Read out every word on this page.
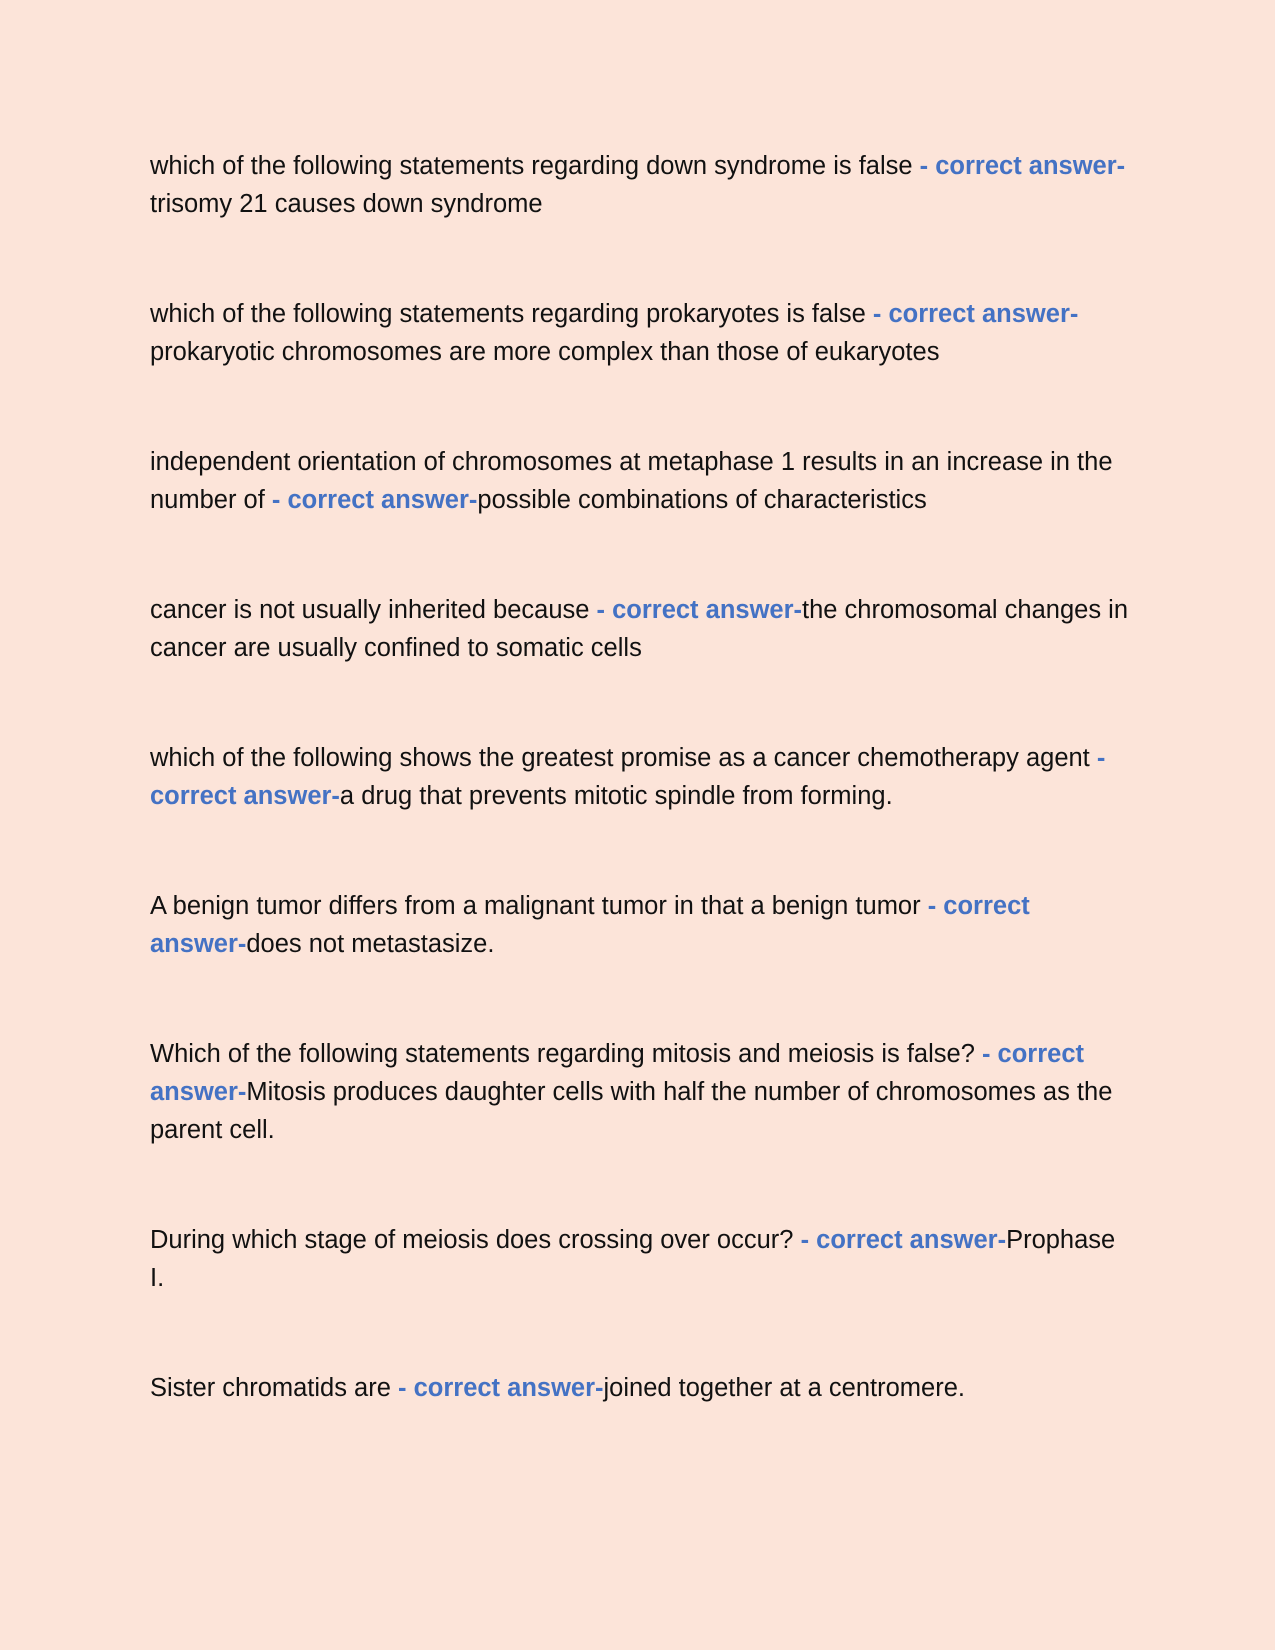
which of the following statements regarding down syndrome is false - correct answer-trisomy 21 causes down syndrome

which of the following statements regarding prokaryotes is false - correct answer-prokaryotic chromosomes are more complex than those of eukaryotes

independent orientation of chromosomes at metaphase 1 results in an increase in the number of - correct answer-possible combinations of characteristics

cancer is not usually inherited because - correct answer-the chromosomal changes in cancer are usually confined to somatic cells

which of the following shows the greatest promise as a cancer chemotherapy agent - correct answer-a drug that prevents mitotic spindle from forming.

A benign tumor differs from a malignant tumor in that a benign tumor - correct answer-does not metastasize.

Which of the following statements regarding mitosis and meiosis is false? - correct answer-Mitosis produces daughter cells with half the number of chromosomes as the parent cell.

During which stage of meiosis does crossing over occur? - correct answer-Prophase I.

Sister chromatids are - correct answer-joined together at a centromere.
